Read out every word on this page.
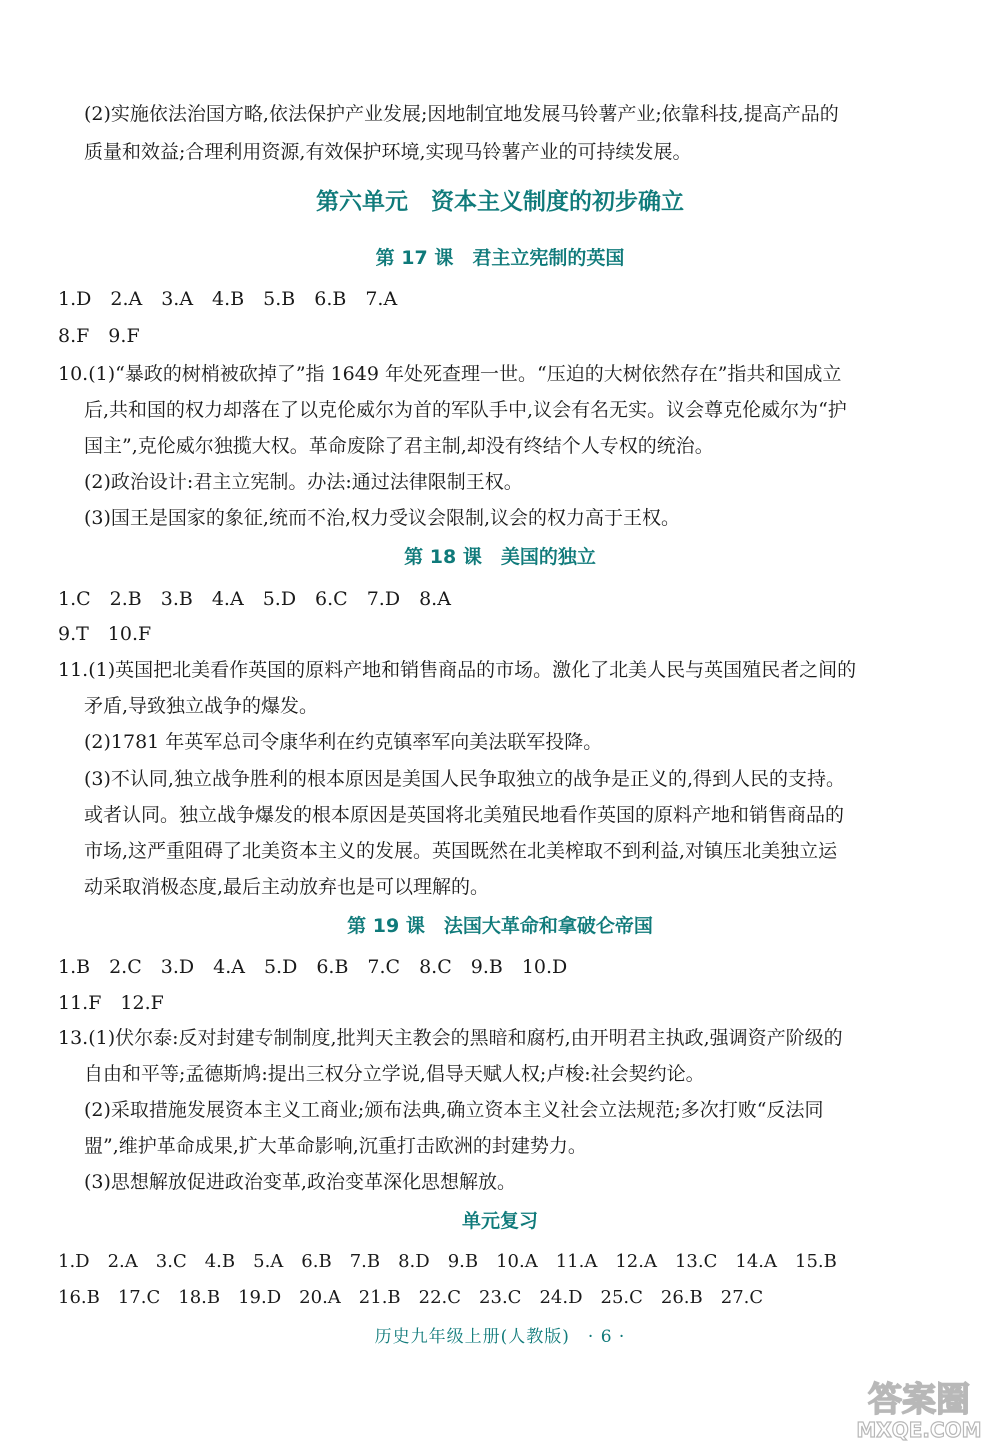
(2)实施依法治国方略,依法保护产业发展;因地制宜地发展马铃薯产业;依靠科技,提高产品的
质量和效益;合理利用资源,有效保护环境,实现马铃薯产业的可持续发展。
第六单元　资本主义制度的初步确立
第 17 课　君主立宪制的英国
1.D　2.A　3.A　4.B　5.B　6.B　7.A
8.F　9.F
10.(1)“暴政的树梢被砍掉了”指 1649 年处死查理一世。“压迫的大树依然存在”指共和国成立
后,共和国的权力却落在了以克伦威尔为首的军队手中,议会有名无实。议会尊克伦威尔为“护
国主”,克伦威尔独揽大权。革命废除了君主制,却没有终结个人专权的统治。
(2)政治设计:君主立宪制。办法:通过法律限制王权。
(3)国王是国家的象征,统而不治,权力受议会限制,议会的权力高于王权。
第 18 课　美国的独立
1.C　2.B　3.B　4.A　5.D　6.C　7.D　8.A
9.T　10.F
11.(1)英国把北美看作英国的原料产地和销售商品的市场。激化了北美人民与英国殖民者之间的
矛盾,导致独立战争的爆发。
(2)1781 年英军总司令康华利在约克镇率军向美法联军投降。
(3)不认同,独立战争胜利的根本原因是美国人民争取独立的战争是正义的,得到人民的支持。
或者认同。独立战争爆发的根本原因是英国将北美殖民地看作英国的原料产地和销售商品的
市场,这严重阻碍了北美资本主义的发展。英国既然在北美榨取不到利益,对镇压北美独立运
动采取消极态度,最后主动放弃也是可以理解的。
第 19 课　法国大革命和拿破仑帝国
1.B　2.C　3.D　4.A　5.D　6.B　7.C　8.C　9.B　10.D
11.F　12.F
13.(1)伏尔泰:反对封建专制制度,批判天主教会的黑暗和腐朽,由开明君主执政,强调资产阶级的
自由和平等;孟德斯鸠:提出三权分立学说,倡导天赋人权;卢梭:社会契约论。
(2)采取措施发展资本主义工商业;颁布法典,确立资本主义社会立法规范;多次打败“反法同
盟”,维护革命成果,扩大革命影响,沉重打击欧洲的封建势力。
(3)思想解放促进政治变革,政治变革深化思想解放。
单元复习
1.D　2.A　3.C　4.B　5.A　6.B　7.B　8.D　9.B　10.A　11.A　12.A　13.C　14.A　15.B
16.B　17.C　18.B　19.D　20.A　21.B　22.C　23.C　24.D　25.C　26.B　27.C
历史九年级上册(人教版)　· 6 ·
答案圈
MXQE.COM
